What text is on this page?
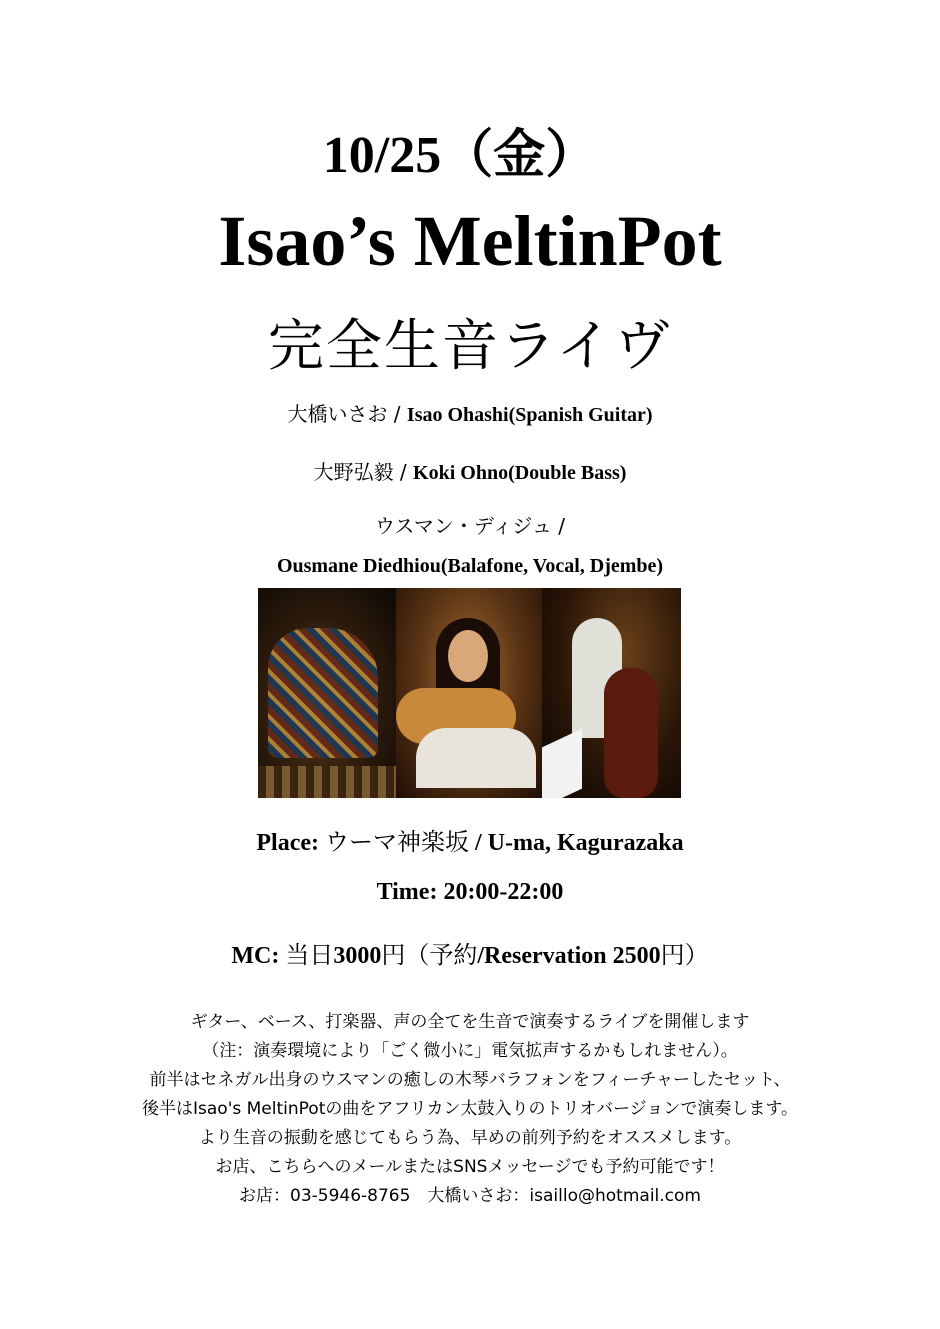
10/25（金）
Isao’s MeltinPot
完全生音ライヴ
大橋いさお / Isao Ohashi(Spanish Guitar)
大野弘毅 / Koki Ohno(Double Bass)
ウスマン・ディジュ /
Ousmane Diedhiou(Balafone, Vocal, Djembe)
Place: ウーマ神楽坂 / U-ma, Kagurazaka
Time: 20:00-22:00
MC: 当日3000円（予約/Reservation 2500円）
ギター、ベース、打楽器、声の全てを生音で演奏するライブを開催します
（注：演奏環境により「ごく微小に」電気拡声するかもしれません）。
前半はセネガル出身のウスマンの癒しの木琴バラフォンをフィーチャーしたセット、
後半はIsao's MeltinPotの曲をアフリカン太鼓入りのトリオバージョンで演奏します。
より生音の振動を感じてもらう為、早めの前列予約をオススメします。
お店、こちらへのメールまたはSNSメッセージでも予約可能です！
お店：03-5946-8765　大橋いさお：isaillo@hotmail.com
